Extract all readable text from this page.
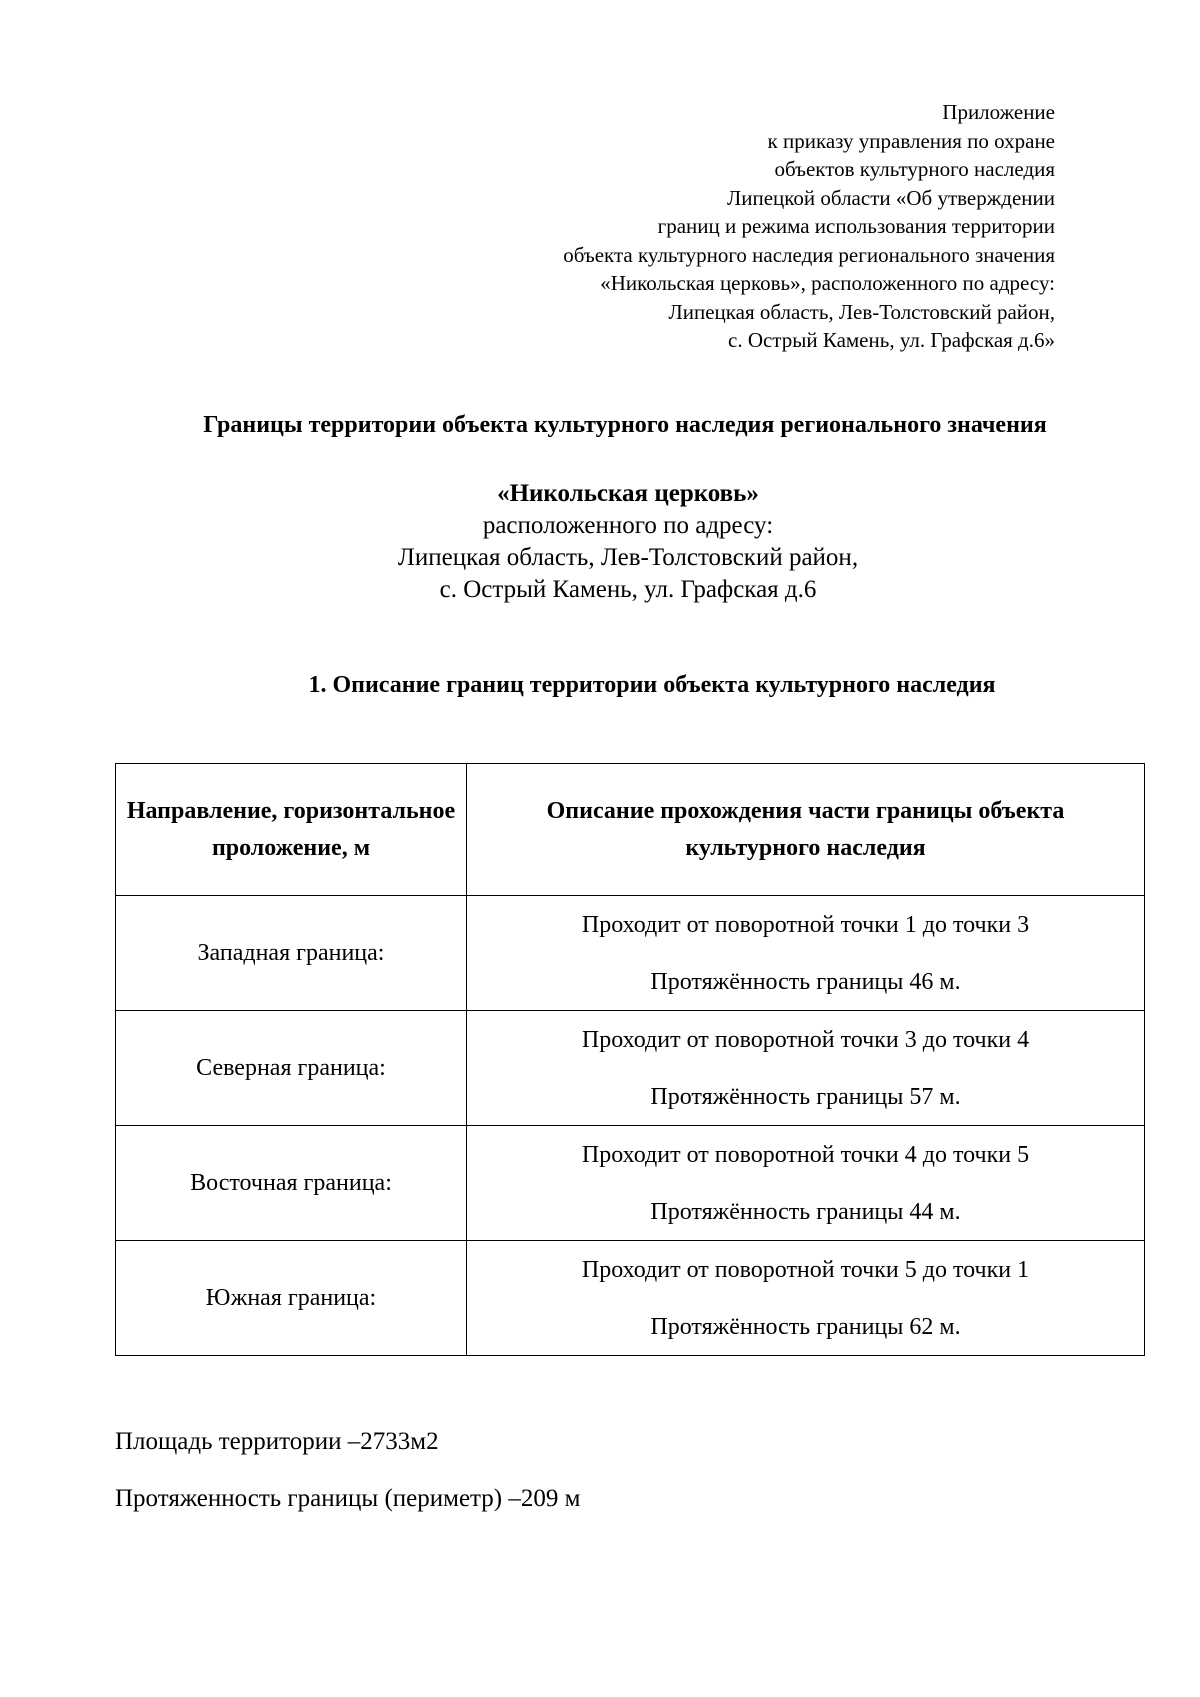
Приложение
к приказу управления по охране
объектов культурного наследия
Липецкой области «Об утверждении
границ и режима использования территории
объекта культурного наследия регионального значения
«Никольская церковь», расположенного по адресу:
Липецкая область, Лев-Толстовский район,
с. Острый Камень, ул. Графская д.6»
Границы территории объекта культурного наследия регионального значения
«Никольская церковь»
расположенного по адресу:
Липецкая область, Лев-Толстовский район,
с. Острый Камень, ул. Графская д.6
1. Описание границ территории объекта культурного наследия
Направление, горизонтальное проложение, м	Описание прохождения части границы объекта культурного наследия
Западная граница:	Проходит от поворотной точки 1 до точки 3
Протяжённость границы 46 м.

Северная граница:	Проходит от поворотной точки 3 до точки 4
Протяжённость границы 57 м.

Восточная граница:	Проходит от поворотной точки 4 до точки 5
Протяжённость границы 44 м.

Южная граница:	Проходит от поворотной точки 5 до точки 1
Протяжённость границы 62 м.
Площадь территории –2733м2
Протяженность границы (периметр) –209 м
